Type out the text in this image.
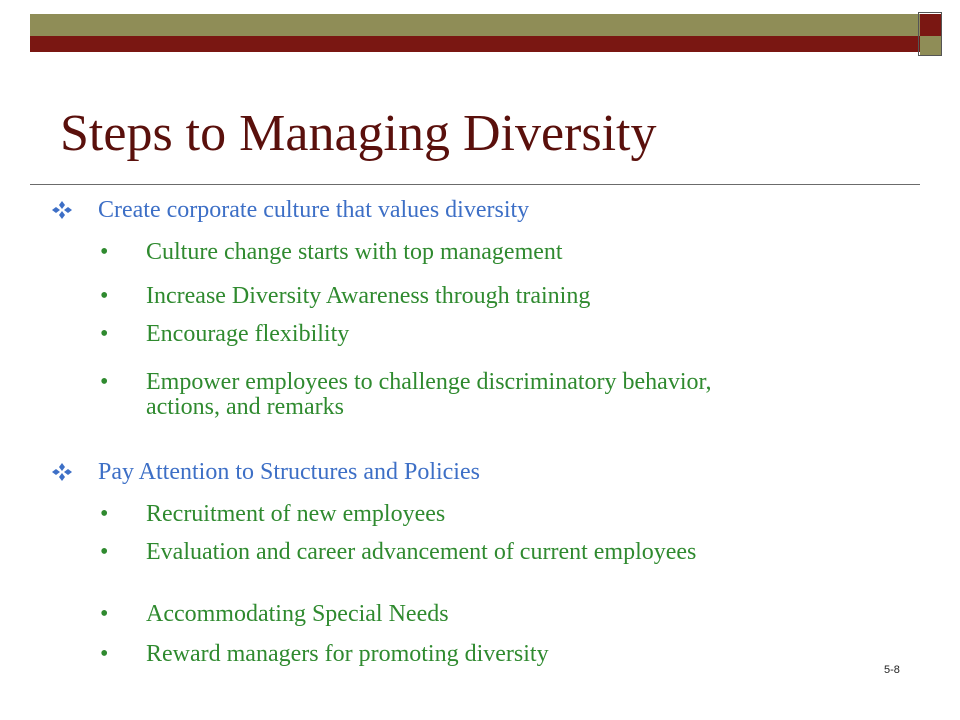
Steps to Managing Diversity
Create corporate culture that values diversity
•	Culture change starts with top management
•	Increase Diversity Awareness through training
•	Encourage flexibility
•	Empower employees to challenge discriminatory behavior, actions, and remarks
Pay Attention to Structures and Policies
•	Recruitment of new employees
•	Evaluation and career advancement of current employees
•	Accommodating Special Needs
•	Reward managers for promoting diversity
5-8
